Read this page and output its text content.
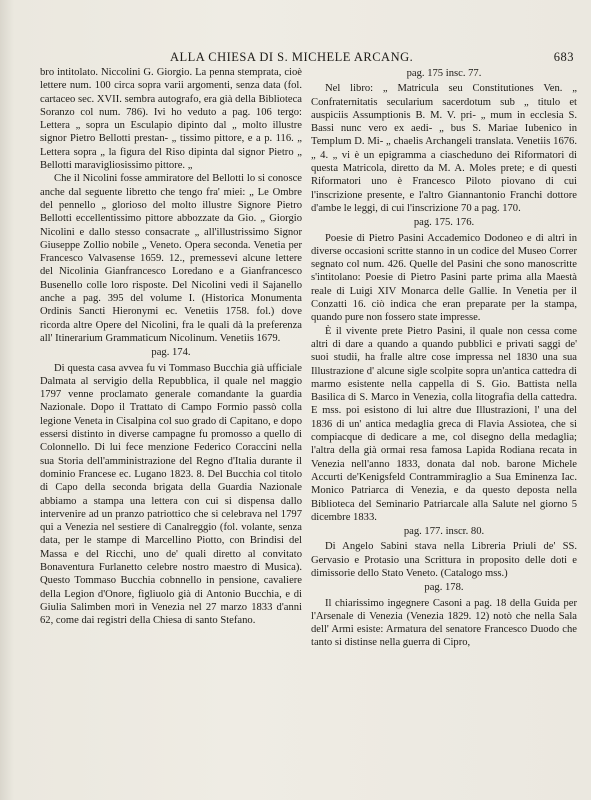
ALLA CHIESA DI S. MICHELE ARCANG.	683

bro intitolato. Niccolini G. Giorgio. La penna stemprata, cioè lettere num. 100 circa sopra varii argomenti, senza data (fol. cartaceo sec. XVII. sembra autografo, era già della Biblioteca Soranzo col num. 786). Ivi ho veduto a pag. 106 tergo: Lettera „ sopra un Esculapio dipinto dal „ molto illustre signor Pietro Bellotti prestan- „ tissimo pittore, e a p. 116. „ Lettera sopra „ la figura del Riso dipinta dal signor Pietro „ Bellotti maravigliosissimo pittore. „

Che il Nicolini fosse ammiratore del Bellotti lo si conosce anche dal seguente libretto che tengo fra' miei: „ Le Ombre del pennello „ glorioso del molto illustre Signore Pietro Bellotti eccellentissimo pittore abbozzate da Gio. „ Giorgio Nicolini e dallo stesso consacrate „ all'illustrissimo Signor Giuseppe Zollio nobile „ Veneto. Opera seconda. Venetia per Francesco Valvasense 1659. 12., premessevi alcune lettere del Nicolinia Gianfrancesco Loredano e a Gianfrancesco Busenello colle loro risposte. Del Nicolini vedi il Sajanello anche a pag. 395 del volume I. (Historica Monumenta Ordinis Sancti Hieronymi ec. Venetiis 1758. fol.) dove ricorda altre Opere del Nicolini, fra le quali dà la preferenza all' Itinerarium Grammaticum Nicolinum. Venetiis 1679.

pag. 174.

Di questa casa avvea fu vi Tommaso Bucchia già ufficiale Dalmata al servigio della Repubblica, il quale nel maggio 1797 venne proclamato generale comandante la guardia Nazionale. Dopo il Trattato di Campo Formio passò colla legione Veneta in Cisalpina col suo grado di Capitano, e dopo essersi distinto in diverse campagne fu promosso a quello di Colonnello. Di lui fece menzione Federico Coraccini nella sua Storia dell'amministrazione del Regno d'Italia durante il dominio Francese ec. Lugano 1823. 8. Del Bucchia col titolo di Capo della seconda brigata della Guardia Nazionale abbiamo a stampa una lettera con cui si dispensa dallo intervenire ad un pranzo patriottico che si celebrava nel 1797 qui a Venezia nel sestiere di Canalreggio (fol. volante, senza data, per le stampe di Marcellino Piotto, con Brindisi del Massa e del Ricchi, uno de' quali diretto al convitato Bonaventura Furlanetto celebre nostro maestro di Musica). Questo Tommaso Bucchia cobnnello in pensione, cavaliere della Legion d'Onore, figliuolo già di Antonio Bucchia, e di Giulia Salimben morì in Venezia nel 27 marzo 1833 d'anni 62, come dai registri della Chiesa di santo Stefano.

pag. 175 insc. 77.

Nel libro: „ Matricula seu Constitutiones Ven. „ Confraternitatis secularium sacerdotum sub „ titulo et auspiciis Assumptionis B. M. V. pri- „ mum in ecclesia S. Bassi nunc vero ex aedi- „ bus S. Mariae Iubenico in Templum D. Mi- „ chaelis Archangeli translata. Venetiis 1676. „ 4. „ vi è un epigramma a ciascheduno dei Riformatori di questa Matricola, diretto da M. A. Moles prete; e di questi Riformatori uno è Francesco Piloto piovano di cui l'inscrizione presente, e l'altro Giannantonio Franchi dottore d'ambe le leggi, di cui l'inscrizione 70 a pag. 170.

pag. 175. 176.

Poesie di Pietro Pasini Accademico Dodoneo e di altri in diverse occasioni scritte stanno in un codice del Museo Correr segnato col num. 426. Quelle del Pasini che sono manoscritte s'intitolano: Poesie di Pietro Pasini parte prima alla Maestà reale di Luigi XIV Monarca delle Gallie. In Venetia per il Conzatti 16. ciò indica che eran preparate per la stampa, quando pure non fossero state impresse.

È il vivente prete Pietro Pasini, il quale non cessa come altri di dare a quando a quando pubblici e privati saggi de' suoi studii, ha fralle altre cose impressa nel 1830 una sua Illustrazione d' alcune sigle scolpite sopra un'antica cattedra di marmo esistente nella cappella di S. Gio. Battista nella Basilica di S. Marco in Venezia, colla litografia della cattedra. E mss. poi esistono di lui altre due Illustrazioni, l' una del 1836 di un' antica medaglia greca di Flavia Assiotea, che si compiacque di dedicare a me, col disegno della medaglia; l'altra della già ormai resa famosa Lapida Rodiana recata in Venezia nell'anno 1833, donata dal nob. barone Michele Accurti de'Kenigsfeld Contrammiraglio a Sua Eminenza Iac. Monico Patriarca di Venezia, e da questo deposta nella Biblioteca del Seminario Patriarcale alla Salute nel giorno 5 dicembre 1833.

pag. 177. inscr. 80.

Di Angelo Sabini stava nella Libreria Priuli de' SS. Gervasio e Protasio una Scrittura in proposito delle doti e dimissorie dello Stato Veneto. (Catalogo mss.)

pag. 178.

Il chiarissimo ingegnere Casoni a pag. 18 della Guida per l'Arsenale di Venezia (Venezia 1829. 12) notò che nella Sala dell' Armi esiste: Armatura del senatore Francesco Duodo che tanto si distinse nella guerra di Cipro,
